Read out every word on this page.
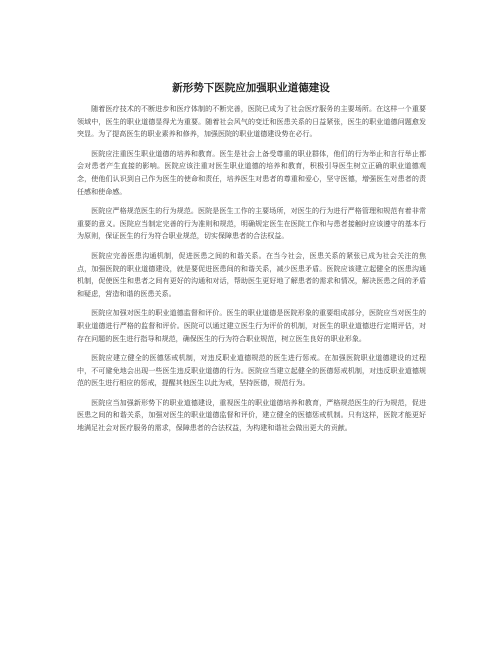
新形势下医院应加强职业道德建设

随着医疗技术的不断进步和医疗体制的不断完善，医院已成为了社会医疗服务的主要场所。在这样一个重要领域中，医生的职业道德显得尤为重要。随着社会风气的变迁和医患关系的日益紧张，医生的职业道德问题愈发突显。为了提高医生的职业素养和修养，加强医院的职业道德建设势在必行。

医院应注重医生职业道德的培养和教育。医生是社会上备受尊重的职业群体，他们的行为举止和言行举止都会对患者产生直接的影响。医院应该注重对医生职业道德的培养和教育，积极引导医生树立正确的职业道德观念，使他们认识到自己作为医生的使命和责任，培养医生对患者的尊重和爱心，坚守医德，增强医生对患者的责任感和使命感。

医院应严格规范医生的行为规范。医院是医生工作的主要场所，对医生的行为进行严格管理和规范有着非常重要的意义。医院应当制定完善的行为准则和规范，明确规定医生在医院工作和与患者接触时应该遵守的基本行为原则，保证医生的行为符合职业规范，切实保障患者的合法权益。

医院应完善医患沟通机制，促进医患之间的和谐关系。在当今社会，医患关系的紧张已成为社会关注的焦点，加强医院的职业道德建设，就是要促进医患间的和谐关系，减少医患矛盾。医院应该建立起健全的医患沟通机制，促使医生和患者之间有更好的沟通和对话，帮助医生更好地了解患者的需求和情况，解决医患之间的矛盾和疑虑，营造和谐的医患关系。

医院应加强对医生的职业道德监督和评价。医生的职业道德是医院形象的重要组成部分，医院应当对医生的职业道德进行严格的监督和评价。医院可以通过建立医生行为评价的机制，对医生的职业道德进行定期评估，对存在问题的医生进行指导和规范，确保医生的行为符合职业规范，树立医生良好的职业形象。

医院应建立健全的医德惩戒机制，对违反职业道德规范的医生进行惩戒。在加强医院职业道德建设的过程中，不可避免地会出现一些医生违反职业道德的行为。医院应当建立起健全的医德惩戒机制，对违反职业道德规范的医生进行相应的惩戒，提醒其他医生以此为戒，坚持医德，规范行为。

医院应当加强新形势下的职业道德建设，重视医生的职业道德培养和教育，严格规范医生的行为规范，促进医患之间的和谐关系，加强对医生的职业道德监督和评价，建立健全的医德惩戒机制。只有这样，医院才能更好地满足社会对医疗服务的需求，保障患者的合法权益，为构建和谐社会做出更大的贡献。
